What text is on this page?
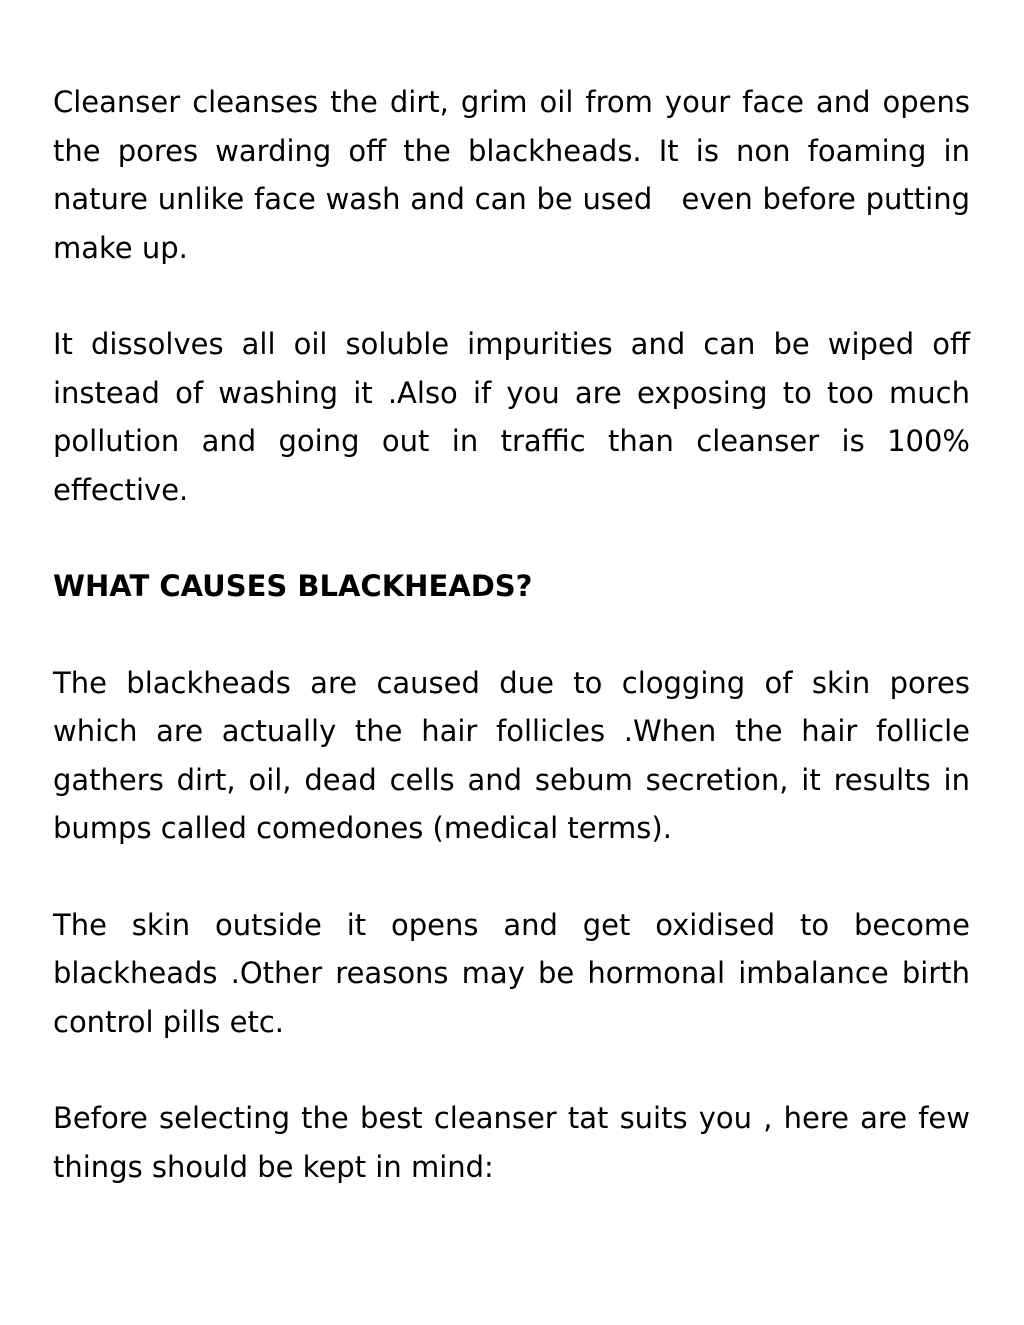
Cleanser cleanses the dirt, grim oil from your face and opens the pores warding off the blackheads. It is non foaming in nature unlike face wash and can be used   even before putting make up.

It dissolves all oil soluble impurities and can be wiped off instead of washing it .Also if you are exposing to too much pollution and going out in traffic than cleanser is 100% effective.

WHAT CAUSES BLACKHEADS?

The blackheads are caused due to clogging of skin pores which are actually the hair follicles .When the hair follicle gathers dirt, oil, dead cells and sebum secretion, it results in bumps called comedones (medical terms).

The skin outside it opens and get oxidised to become blackheads .Other reasons may be hormonal imbalance birth control pills etc.

Before selecting the best cleanser tat suits you , here are few things should be kept in mind:
